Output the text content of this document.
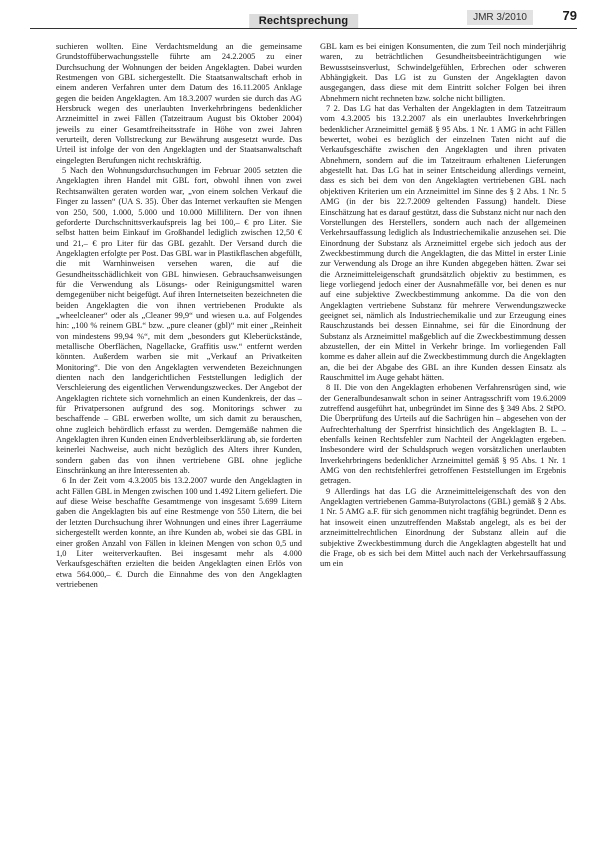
Rechtsprechung	JMR 3/2010	79

suchieren wollten. Eine Verdachtsmeldung an die gemeinsame Grundstoffüberwachungsstelle führte am 24.2.2005 zu einer Durchsuchung der Wohnungen der beiden Angeklagten. Dabei wurden Restmengen von GBL sichergestellt. Die Staatsanwaltschaft erhob in einem anderen Verfahren unter dem Datum des 16.11.2005 Anklage gegen die beiden Angeklagten. Am 18.3.2007 wurden sie durch das AG Hersbruck wegen des unerlaubten Inverkehrbringens bedenklicher Arzneimittel in zwei Fällen (Tatzeitraum August bis Oktober 2004) jeweils zu einer Gesamtfreiheitsstrafe in Höhe von zwei Jahren verurteilt, deren Vollstreckung zur Bewährung ausgesetzt wurde. Das Urteil ist infolge der von den Angeklagten und der Staatsanwaltschaft eingelegten Berufungen nicht rechtskräftig.

5 Nach den Wohnungsdurchsuchungen im Februar 2005 setzten die Angeklagten ihren Handel mit GBL fort, obwohl ihnen von zwei Rechtsanwälten geraten worden war, „von einem solchen Verkauf die Finger zu lassen“ (UA S. 35). Über das Internet verkauften sie Mengen von 250, 500, 1.000, 5.000 und 10.000 Millilitern. Der von ihnen geforderte Durchschnittsverkaufspreis lag bei 100,– € pro Liter. Sie selbst hatten beim Einkauf im Großhandel lediglich zwischen 12,50 € und 21,– € pro Liter für das GBL gezahlt. Der Versand durch die Angeklagten erfolgte per Post. Das GBL war in Plastikflaschen abgefüllt, die mit Warnhinweisen versehen waren, die auf die Gesundheitsschädlichkeit von GBL hinwiesen. Gebrauchsanweisungen für die Verwendung als Lösungs- oder Reinigungsmittel waren demgegenüber nicht beigefügt. Auf ihren Internetseiten bezeichneten die beiden Angeklagten die von ihnen vertriebenen Produkte als „wheelcleaner“ oder als „Cleaner 99,9“ und wiesen u.a. auf Folgendes hin: „100 % reinem GBL“ bzw. „pure cleaner (gbl)“ mit einer „Reinheit von mindestens 99,94 %“, mit dem „besonders gut Kleberückstände, metallische Oberflächen, Nagellacke, Graffitis usw.“ entfernt werden könnten. Außerdem warben sie mit „Verkauf an Privatkeiten Monitoring“. Die von den Angeklagten verwendeten Bezeichnungen dienten nach den landgerichtlichen Feststellungen lediglich der Verschleierung des eigentlichen Verwendungszweckes. Der Angebot der Angeklagten richtete sich vornehmlich an einen Kundenkreis, der das – für Privatpersonen aufgrund des sog. Monitorings schwer zu beschaffende – GBL erwerben wollte, um sich damit zu berauschen, ohne zugleich behördlich erfasst zu werden. Demgemäße nahmen die Angeklagten ihren Kunden einen Endverbleibserklärung ab, sie forderten keinerlei Nachweise, auch nicht bezüglich des Alters ihrer Kunden, sondern gaben das von ihnen vertriebene GBL ohne jegliche Einschränkung an ihre Interessenten ab.

6 In der Zeit vom 4.3.2005 bis 13.2.2007 wurde den Angeklagten in acht Fällen GBL in Mengen zwischen 100 und 1.492 Litern geliefert. Die auf diese Weise beschaffte Gesamtmenge von insgesamt 5.699 Litern gaben die Angeklagten bis auf eine Restmenge von 550 Litern, die bei der letzten Durchsuchung ihrer Wohnungen und eines ihrer Lagerräume sichergestellt werden konnte, an ihre Kunden ab, wobei sie das GBL in einer großen Anzahl von Fällen in kleinen Mengen von schon 0,5 und 1,0 Liter weiterverkauften. Bei insgesamt mehr als 4.000 Verkaufsgeschäften erzielten die beiden Angeklagten einen Erlös von etwa 564.000,– €. Durch die Einnahme des von den Angeklagten vertriebenen

GBL kam es bei einigen Konsumenten, die zum Teil noch minderjährig waren, zu beträchtlichen Gesundheitsbeeinträchtigungen wie Bewusstseinsverlust, Schwindelgefühlen, Erbrechen oder schweren Abhängigkeit. Das LG ist zu Gunsten der Angeklagten davon ausgegangen, dass diese mit dem Eintritt solcher Folgen bei ihren Abnehmern nicht rechneten bzw. solche nicht billigten.

7 2. Das LG hat das Verhalten der Angeklagten in dem Tatzeitraum vom 4.3.2005 bis 13.2.2007 als ein unerlaubtes Inverkehrbringen bedenklicher Arzneimittel gemäß § 95 Abs. 1 Nr. 1 AMG in acht Fällen bewertet, wobei es bezüglich der einzelnen Taten nicht auf die Verkaufsgeschäfte zwischen den Angeklagten und ihren privaten Abnehmern, sondern auf die im Tatzeitraum erhaltenen Lieferungen abgestellt hat. Das LG hat in seiner Entscheidung allerdings verneint, dass es sich bei dem von den Angeklagten vertriebenen GBL nach objektiven Kriterien um ein Arzneimittel im Sinne des § 2 Abs. 1 Nr. 5 AMG (in der bis 22.7.2009 geltenden Fassung) handelt. Diese Einschätzung hat es darauf gestützt, dass die Substanz nicht nur nach den Vorstellungen des Herstellers, sondern auch nach der allgemeinen Verkehrsauffassung lediglich als Industriechemikalie anzusehen sei. Die Einordnung der Substanz als Arzneimittel ergebe sich jedoch aus der Zweckbestimmung durch die Angeklagten, die das Mittel in erster Linie zur Verwendung als Droge an ihre Kunden abgegeben hätten. Zwar sei die Arzneimitteleigenschaft grundsätzlich objektiv zu bestimmen, es liege vorliegend jedoch einer der Ausnahmefälle vor, bei denen es nur auf eine subjektive Zweckbestimmung ankomme. Da die von den Angeklagten vertriebene Substanz für mehrere Verwendungszwecke geeignet sei, nämlich als Industriechemikalie und zur Erzeugung eines Rauschzustands bei dessen Einnahme, sei für die Einordnung der Substanz als Arzneimittel maßgeblich auf die Zweckbestimmung dessen abzustellen, der ein Mittel in Verkehr bringe. Im vorliegenden Fall komme es daher allein auf die Zweckbestimmung durch die Angeklagten an, die bei der Abgabe des GBL an ihre Kunden dessen Einsatz als Rauschmittel im Auge gehabt hätten.

8 II. Die von den Angeklagten erhobenen Verfahrensrügen sind, wie der Generalbundesanwalt schon in seiner Antragsschrift vom 19.6.2009 zutreffend ausgeführt hat, unbegründet im Sinne des § 349 Abs. 2 StPO. Die Überprüfung des Urteils auf die Sachrügen hin – abgesehen von der Aufrechterhaltung der Sperrfrist hinsichtlich des Angeklagten B. L. – ebenfalls keinen Rechtsfehler zum Nachteil der Angeklagten ergeben. Insbesondere wird der Schuldspruch wegen vorsätzlichen unerlaubten Inverkehrbringens bedenklicher Arzneimittel gemäß § 95 Abs. 1 Nr. 1 AMG von den rechtsfehlerfrei getroffenen Feststellungen im Ergebnis getragen.

9 Allerdings hat das LG die Arzneimitteleigenschaft des von den Angeklagten vertriebenen Gamma-Butyrolactons (GBL) gemäß § 2 Abs. 1 Nr. 5 AMG a.F. für sich genommen nicht tragfähig begründet. Denn es hat insoweit einen unzutreffenden Maßstab angelegt, als es bei der arzneimittelrechtlichen Einordnung der Substanz allein auf die subjektive Zweckbestimmung durch die Angeklagten abgestellt hat und die Frage, ob es sich bei dem Mittel auch nach der Verkehrsauffassung um ein
